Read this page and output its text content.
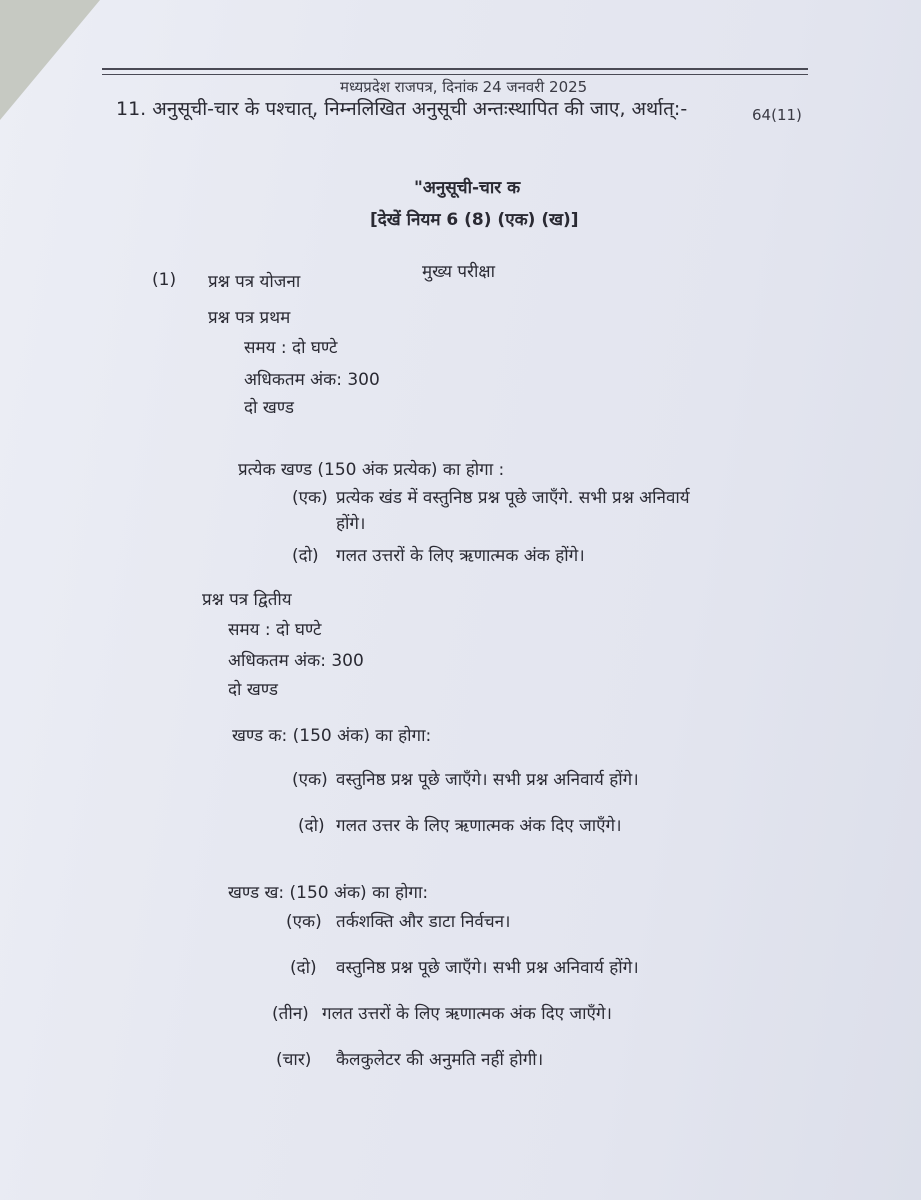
मध्यप्रदेश राजपत्र, दिनांक 24 जनवरी 2025
64(11)
11. अनुसूची-चार के पश्चात्, निम्नलिखित अनुसूची अन्तःस्थापित की जाए, अर्थात्:-
"अनुसूची-चार क
[देखें नियम 6 (8) (एक) (ख)]
मुख्य परीक्षा
(1) प्रश्न पत्र योजना
प्रश्न पत्र प्रथम
समय : दो घण्टे
अधिकतम अंक: 300
दो खण्ड
प्रत्येक खण्ड (150 अंक प्रत्येक) का होगा :
(एक) प्रत्येक खंड में वस्तुनिष्ठ प्रश्न पूछे जाएँगे. सभी प्रश्न अनिवार्य
होंगे।
(दो) गलत उत्तरों के लिए ऋणात्मक अंक होंगे।
प्रश्न पत्र द्वितीय
समय : दो घण्टे
अधिकतम अंक: 300
दो खण्ड
खण्ड क: (150 अंक) का होगा:
(एक) वस्तुनिष्ठ प्रश्न पूछे जाएँगे। सभी प्रश्न अनिवार्य होंगे।
(दो) गलत उत्तर के लिए ऋणात्मक अंक दिए जाएँगे।
खण्ड ख: (150 अंक) का होगा:
(एक) तर्कशक्ति और डाटा निर्वचन।
(दो) वस्तुनिष्ठ प्रश्न पूछे जाएँगे। सभी प्रश्न अनिवार्य होंगे।
(तीन) गलत उत्तरों के लिए ऋणात्मक अंक दिए जाएँगे।
(चार) कैलकुलेटर की अनुमति नहीं होगी।
